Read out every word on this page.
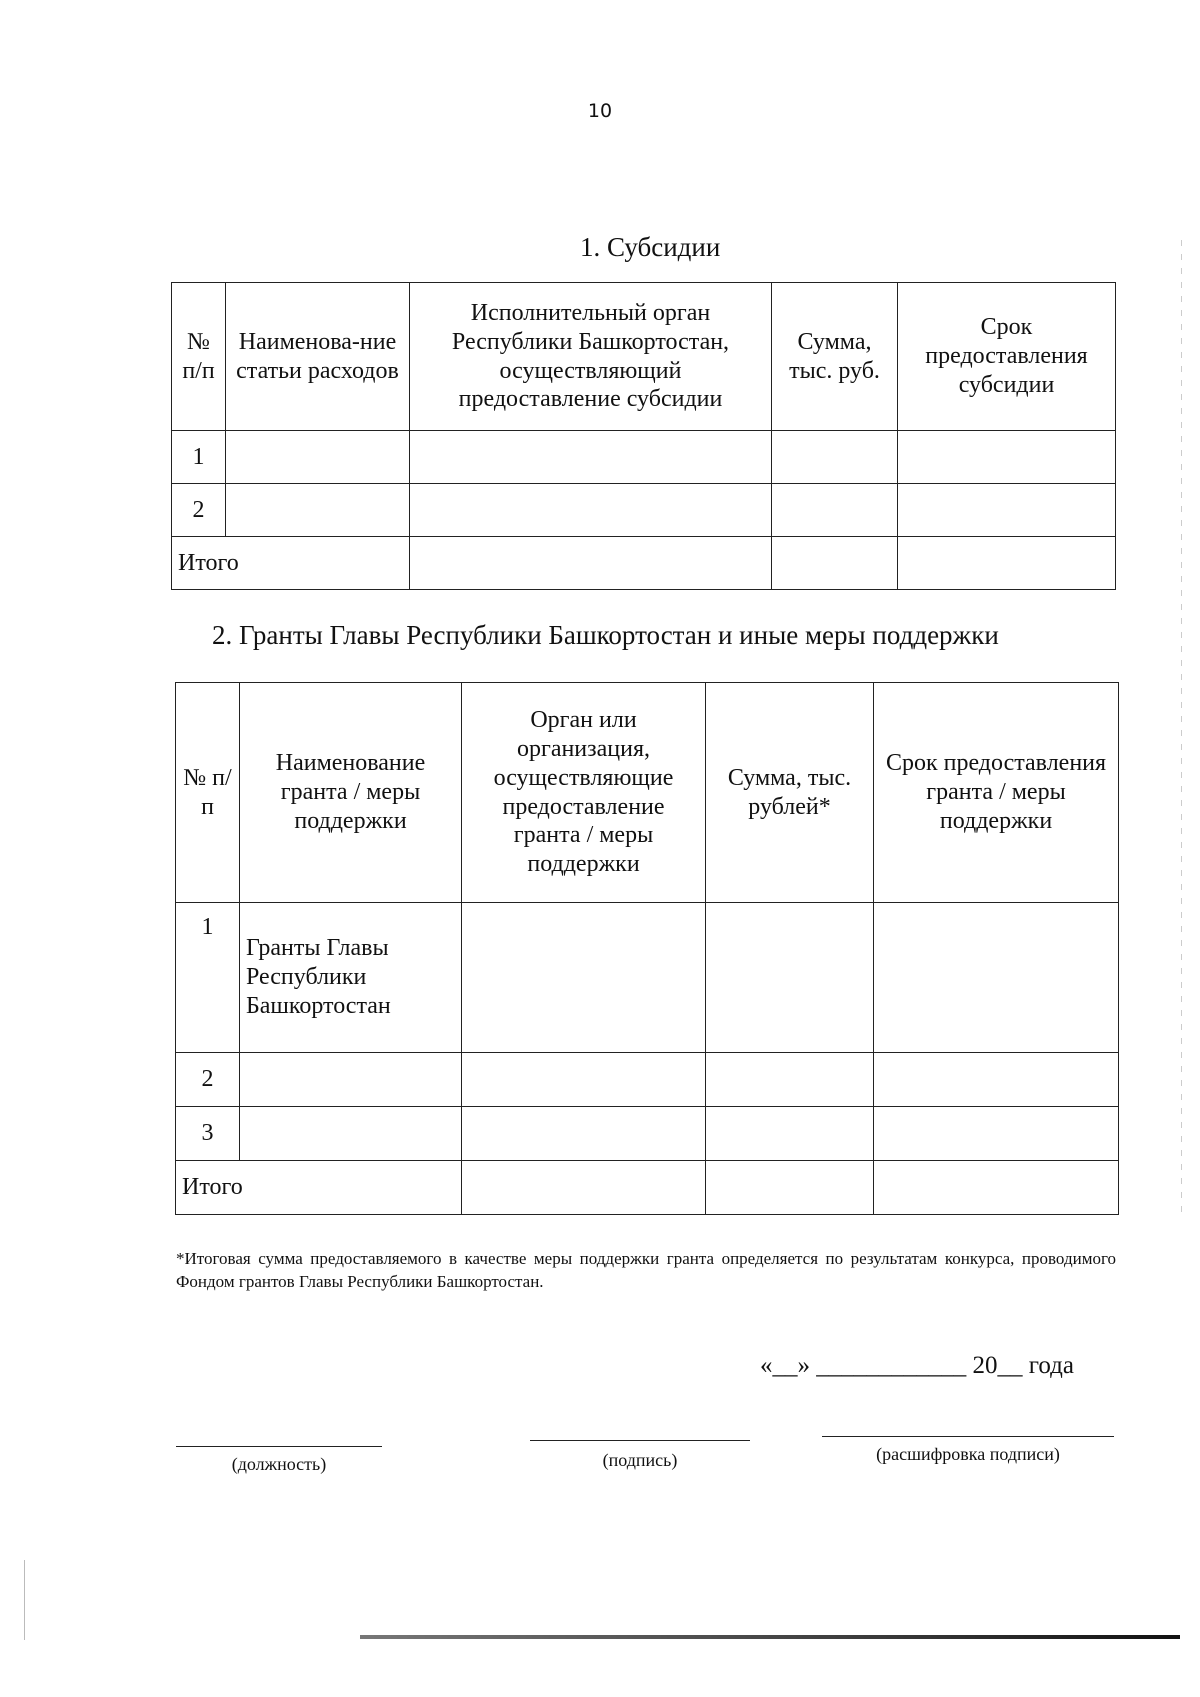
10
1. Субсидии
№ п/п	Наименова-ние статьи расходов	Исполнительный орган Республики Башкортостан, осуществляющий предоставление субсидии	Сумма, тыс. руб.	Срок предоставления субсидии
1				
2				
Итого				
2. Гранты Главы Республики Башкортостан и иные меры поддержки
№ п/п	Наименование гранта / меры поддержки	Орган или организация, осуществляющие предоставление гранта / меры поддержки	Сумма, тыс. рублей*	Срок предоставления гранта / меры поддержки
1	Гранты Главы Республики Башкортостан			
2				
3				
Итого				
*Итоговая сумма предоставляемого в качестве меры поддержки гранта определяется по результатам конкурса, проводимого Фондом грантов Главы Республики Башкортостан.
«__» ____________ 20__ года
(должность)	(подпись)	(расшифровка подписи)
